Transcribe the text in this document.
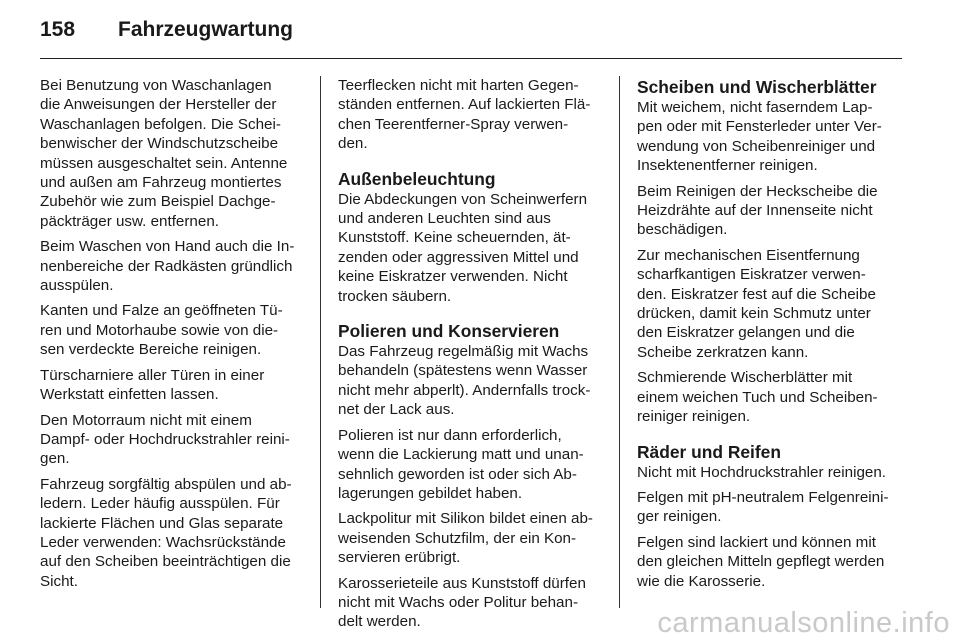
158	Fahrzeugwartung

Bei Benutzung von Waschanlagen
die Anweisungen der Hersteller der
Waschanlagen befolgen. Die Schei-
benwischer der Windschutzscheibe
müssen ausgeschaltet sein. Antenne
und außen am Fahrzeug montiertes
Zubehör wie zum Beispiel Dachge-
päckträger usw. entfernen.

Beim Waschen von Hand auch die In-
nenbereiche der Radkästen gründlich
ausspülen.

Kanten und Falze an geöffneten Tü-
ren und Motorhaube sowie von die-
sen verdeckte Bereiche reinigen.

Türscharniere aller Türen in einer
Werkstatt einfetten lassen.

Den Motorraum nicht mit einem
Dampf- oder Hochdruckstrahler reini-
gen.

Fahrzeug sorgfältig abspülen und ab-
ledern. Leder häufig ausspülen. Für
lackierte Flächen und Glas separate
Leder verwenden: Wachsrückstände
auf den Scheiben beeinträchtigen die
Sicht.

Teerflecken nicht mit harten Gegen-
ständen entfernen. Auf lackierten Flä-
chen Teerentferner-Spray verwen-
den.

Außenbeleuchtung

Die Abdeckungen von Scheinwerfern
und anderen Leuchten sind aus
Kunststoff. Keine scheuernden, ät-
zenden oder aggressiven Mittel und
keine Eiskratzer verwenden. Nicht
trocken säubern.

Polieren und Konservieren

Das Fahrzeug regelmäßig mit Wachs
behandeln (spätestens wenn Wasser
nicht mehr abperlt). Andernfalls trock-
net der Lack aus.

Polieren ist nur dann erforderlich,
wenn die Lackierung matt und unan-
sehnlich geworden ist oder sich Ab-
lagerungen gebildet haben.

Lackpolitur mit Silikon bildet einen ab-
weisenden Schutzfilm, der ein Kon-
servieren erübrigt.

Karosserieteile aus Kunststoff dürfen
nicht mit Wachs oder Politur behan-
delt werden.

Scheiben und Wischerblätter

Mit weichem, nicht faserndem Lap-
pen oder mit Fensterleder unter Ver-
wendung von Scheibenreiniger und
Insektenentferner reinigen.

Beim Reinigen der Heckscheibe die
Heizdrähte auf der Innenseite nicht
beschädigen.

Zur mechanischen Eisentfernung
scharfkantigen Eiskratzer verwen-
den. Eiskratzer fest auf die Scheibe
drücken, damit kein Schmutz unter
den Eiskratzer gelangen und die
Scheibe zerkratzen kann.

Schmierende Wischerblätter mit
einem weichen Tuch und Scheiben-
reiniger reinigen.

Räder und Reifen

Nicht mit Hochdruckstrahler reinigen.

Felgen mit pH-neutralem Felgenreini-
ger reinigen.

Felgen sind lackiert und können mit
den gleichen Mitteln gepflegt werden
wie die Karosserie.

carmanualsonline.info
